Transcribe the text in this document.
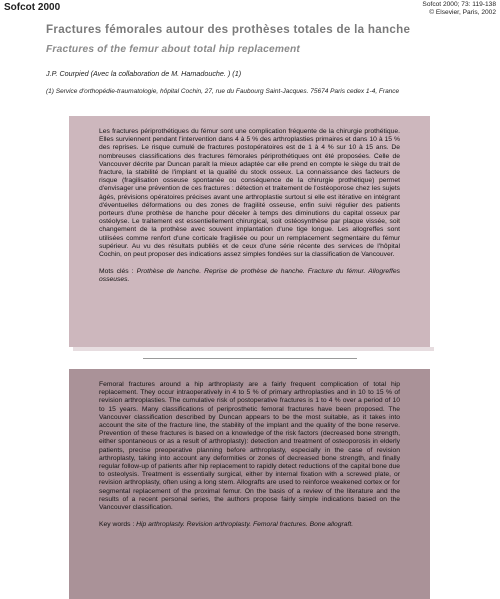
Sofcot 2000	Sofcot 2000; 73: 119-138
© Elsevier, Paris, 2002
Fractures fémorales autour des prothèses totales de la hanche
Fractures of the femur about total hip replacement
J.P. Courpied (Avec la collaboration de M. Hamadouche. ) (1)
(1) Service d'orthopédie-traumatologie, hôpital Cochin, 27, rue du Faubourg Saint-Jacques. 75674 Paris cedex 1-4, France

Les fractures périprothétiques du fémur sont une complication fréquente de la chirurgie prothétique. Elles surviennent pendant l'intervention dans 4 à 5 % des arthroplasties primaires et dans 10 à 15 % des reprises. Le risque cumulé de fractures postopératoires est de 1 à 4 % sur 10 à 15 ans. De nombreuses classifications des fractures fémorales périprothétiques ont été proposées. Celle de Vancouver décrite par Duncan paraît la mieux adaptée car elle prend en compte le siège du trait de fracture, la stabilité de l'implant et la qualité du stock osseux. La connaissance des facteurs de risque (fragilisation osseuse spontanée ou conséquence de la chirurgie prothétique) permet d'envisager une prévention de ces fractures : détection et traitement de l'ostéoporose chez les sujets âgés, prévisions opératoires précises avant une arthroplastie surtout si elle est itérative en intégrant d'éventuelles déformations ou des zones de fragilité osseuse, enfin suivi régulier des patients porteurs d'une prothèse de hanche pour déceler à temps des diminutions du capital osseux par ostéolyse. Le traitement est essentiellement chirurgical, soit ostéosynthèse par plaque vissée, soit changement de la prothèse avec souvent implantation d'une tige longue. Les allogreffes sont utilisées comme renfort d'une corticale fragilisée ou pour un remplacement segmentaire du fémur supérieur. Au vu des résultats publiés et de ceux d'une série récente des services de l'hôpital Cochin, on peut proposer des indications assez simples fondées sur la classification de Vancouver.

Mots clés : Prothèse de hanche. Reprise de prothèse de hanche. Fracture du fémur. Allogreffes osseuses.

Femoral fractures around a hip arthroplasty are a fairly frequent complication of total hip replacement. They occur intraoperatively in 4 to 5 % of primary arthroplasties and in 10 to 15 % of revision arthroplasties. The cumulative risk of postoperative fractures is 1 to 4 % over a period of 10 to 15 years. Many classifications of periprosthetic femoral fractures have been proposed. The Vancouver classification described by Duncan appears to be the most suitable, as it takes into account the site of the fracture line, the stability of the implant and the quality of the bone reserve. Prevention of these fractures is based on a knowledge of the risk factors (decreased bone strength, either spontaneous or as a result of arthroplasty): detection and treatment of osteoporosis in elderly patients, precise preoperative planning before arthroplasty, especially in the case of revision arthroplasty, taking into account any deformities or zones of decreased bone strength, and finally regular follow-up of patients after hip replacement to rapidly detect reductions of the capital bone due to osteolysis. Treatment is essentially surgical, either by internal fixation with a screwed plate, or revision arthroplasty, often using a long stem. Allografts are used to reinforce weakened cortex or for segmental replacement of the proximal femur. On the basis of a review of the literature and the results of a recent personal series, the authors propose fairly simple indications based on the Vancouver classification.

Key words : Hip arthroplasty. Revision arthroplasty. Femoral fractures. Bone allograft.
